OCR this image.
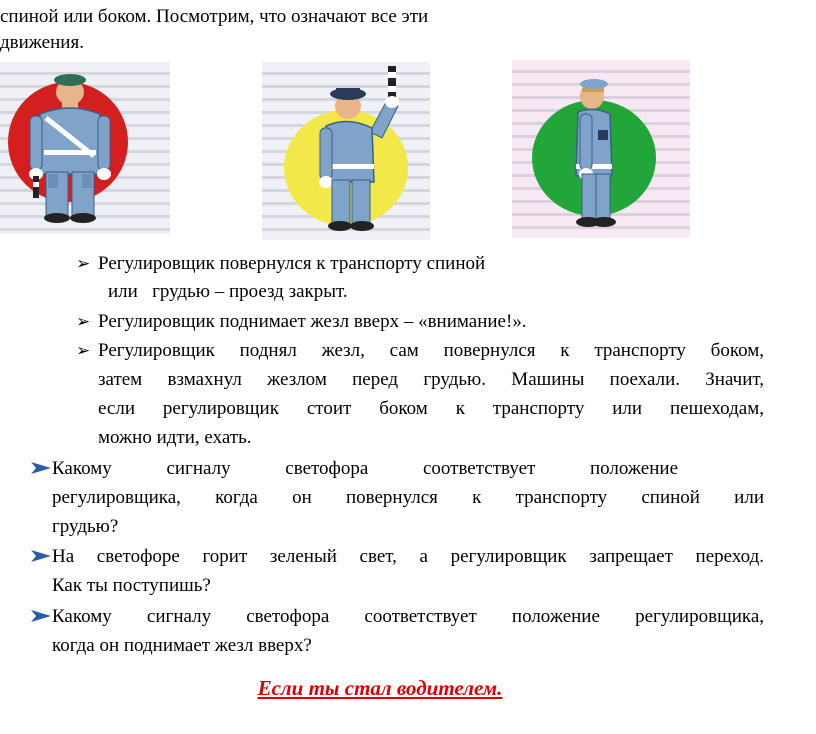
спиной или боком. Посмотрим, что означают все эти
движения.

➢ Регулировщик повернулся к транспорту спиной
или   грудью – проезд закрыт.
➢ Регулировщик поднимает жезл вверх – «внимание!».
➢ Регулировщик поднял жезл, сам повернулся к транспорту боком,
затем взмахнул жезлом перед грудью. Машины поехали. Значит,
если регулировщик стоит боком к транспорту или пешеходам,
можно идти, ехать.
Какому сигналу светофора соответствует положение
регулировщика, когда он повернулся к транспорту спиной или
грудью?
На светофоре горит зеленый свет, а регулировщик запрещает переход.
Как ты поступишь?
Какому сигналу светофора соответствует положение регулировщика,
когда он поднимает жезл вверх?
Если ты стал водителем.
